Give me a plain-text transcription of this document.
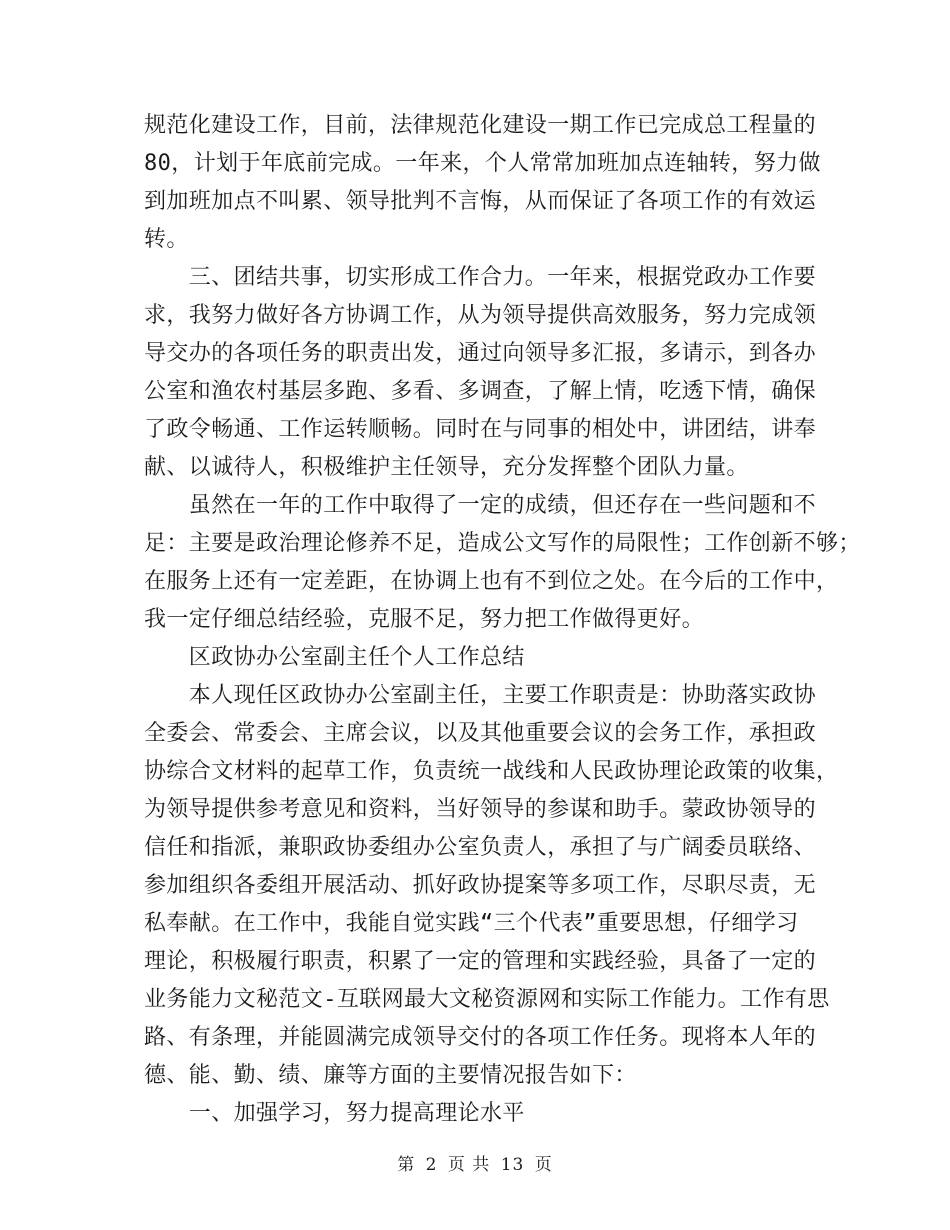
规范化建设工作，目前，法律规范化建设一期工作已完成总工程量的
80，计划于年底前完成。一年来，个人常常加班加点连轴转，努力做
到加班加点不叫累、领导批判不言悔，从而保证了各项工作的有效运
转。
　　三、团结共事，切实形成工作合力。一年来，根据党政办工作要
求，我努力做好各方协调工作，从为领导提供高效服务，努力完成领
导交办的各项任务的职责出发，通过向领导多汇报，多请示，到各办
公室和渔农村基层多跑、多看、多调查，了解上情，吃透下情，确保
了政令畅通、工作运转顺畅。同时在与同事的相处中，讲团结，讲奉
献、以诚待人，积极维护主任领导，充分发挥整个团队力量。
　　虽然在一年的工作中取得了一定的成绩，但还存在一些问题和不
足：主要是政治理论修养不足，造成公文写作的局限性；工作创新不够；
在服务上还有一定差距，在协调上也有不到位之处。在今后的工作中，
我一定仔细总结经验，克服不足，努力把工作做得更好。
　　区政协办公室副主任个人工作总结
　　本人现任区政协办公室副主任，主要工作职责是：协助落实政协
全委会、常委会、主席会议，以及其他重要会议的会务工作，承担政
协综合文材料的起草工作，负责统一战线和人民政协理论政策的收集，
为领导提供参考意见和资料，当好领导的参谋和助手。蒙政协领导的
信任和指派，兼职政协委组办公室负责人，承担了与广阔委员联络、
参加组织各委组开展活动、抓好政协提案等多项工作，尽职尽责，无
私奉献。在工作中，我能自觉实践“三个代表”重要思想，仔细学习
理论，积极履行职责，积累了一定的管理和实践经验，具备了一定的
业务能力文秘范文-互联网最大文秘资源网和实际工作能力。工作有思
路、有条理，并能圆满完成领导交付的各项工作任务。现将本人年的
德、能、勤、绩、廉等方面的主要情况报告如下：
　　一、加强学习，努力提高理论水平
第 2 页 共 13 页
